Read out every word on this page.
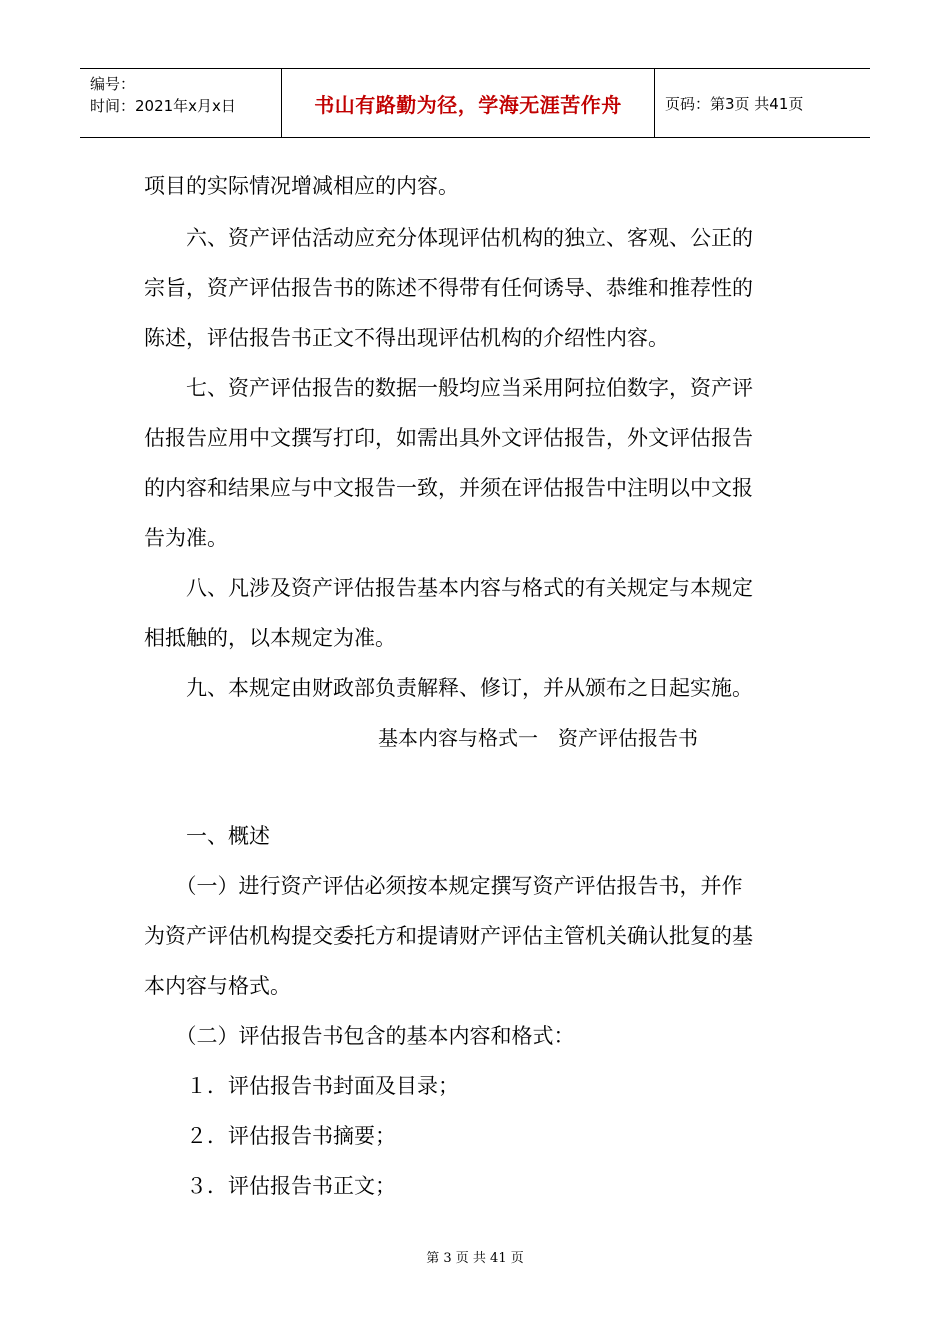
编号：
时间：2021年x月x日	书山有路勤为径，学海无涯苦作舟	页码：第3页 共41页
项目的实际情况增减相应的内容。
　　六、资产评估活动应充分体现评估机构的独立、客观、公正的
宗旨，资产评估报告书的陈述不得带有任何诱导、恭维和推荐性的
陈述，评估报告书正文不得出现评估机构的介绍性内容。
　　七、资产评估报告的数据一般均应当采用阿拉伯数字，资产评
估报告应用中文撰写打印，如需出具外文评估报告，外文评估报告
的内容和结果应与中文报告一致，并须在评估报告中注明以中文报
告为准。
　　八、凡涉及资产评估报告基本内容与格式的有关规定与本规定
相抵触的，以本规定为准。
　　九、本规定由财政部负责解释、修订，并从颁布之日起实施。
　　一、概述
　　（一）进行资产评估必须按本规定撰写资产评估报告书，并作
为资产评估机构提交委托方和提请财产评估主管机关确认批复的基
本内容与格式。
　　（二）评估报告书包含的基本内容和格式：
　　１．评估报告书封面及目录；
　　２．评估报告书摘要；
　　３．评估报告书正文；
基本内容与格式一　资产评估报告书
第 3 页 共 41 页
